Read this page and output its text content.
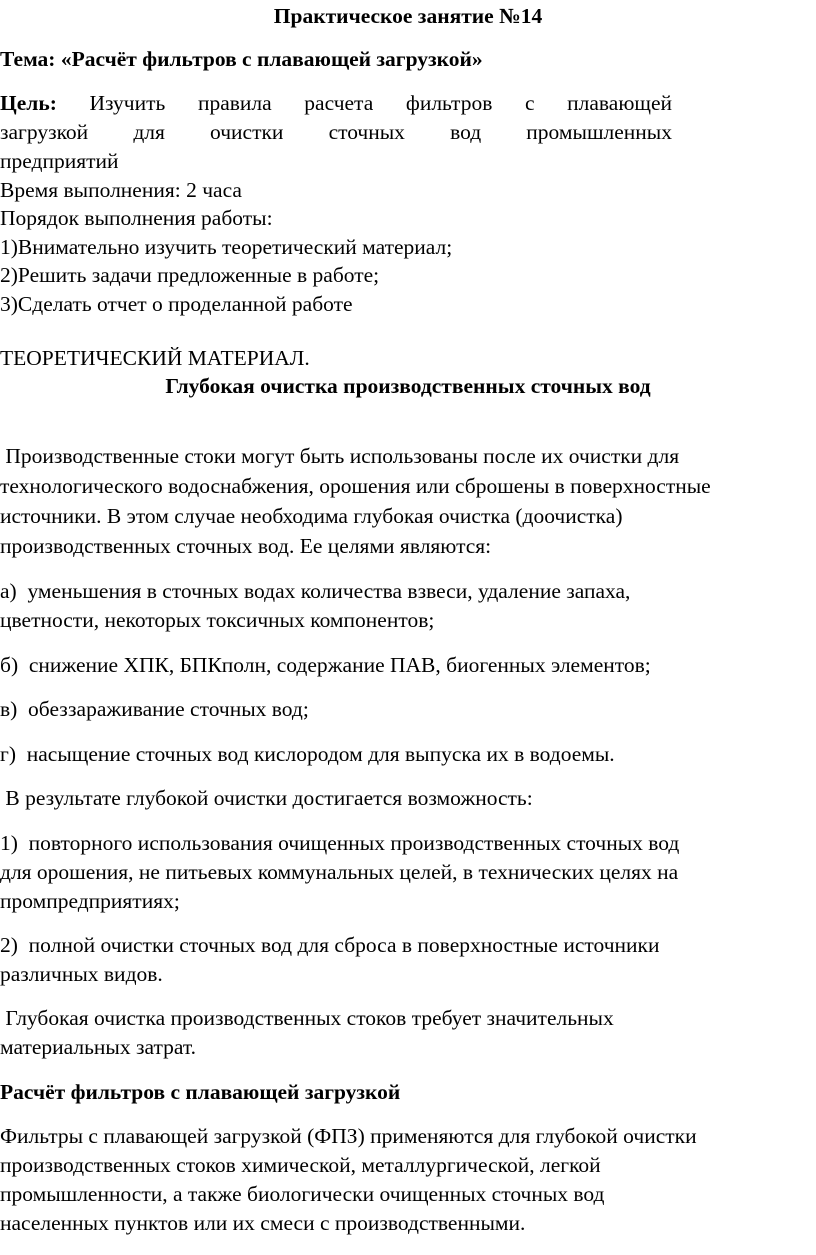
Практическое занятие №14
Тема: «Расчёт фильтров с плавающей загрузкой»
Цель: Изучить правила расчета фильтров с плавающей
загрузкой для очистки сточных вод промышленных
предприятий
Время выполнения: 2 часа
Порядок выполнения работы:
1)Внимательно изучить теоретический материал;
2)Решить задачи предложенные в работе;
3)Сделать отчет о проделанной работе
ТЕОРЕТИЧЕСКИЙ МАТЕРИАЛ.
Глубокая очистка производственных сточных вод
Производственные стоки могут быть использованы после их очистки для
технологического водоснабжения, орошения или сброшены в поверхностные
источники. В этом случае необходима глубокая очистка (доочистка)
производственных сточных вод. Ее целями являются:
а)  уменьшения в сточных водах количества взвеси, удаление запаха,
цветности, некоторых токсичных компонентов;
б)  снижение ХПК, БПКполн, содержание ПАВ, биогенных элементов;
в)  обеззараживание сточных вод;
г)  насыщение сточных вод кислородом для выпуска их в водоемы.
В результате глубокой очистки достигается возможность:
1)  повторного использования очищенных производственных сточных вод
для орошения, не питьевых коммунальных целей, в технических целях на
промпредприятиях;
2)  полной очистки сточных вод для сброса в поверхностные источники
различных видов.
Глубокая очистка производственных стоков требует значительных
материальных затрат.
Расчёт фильтров с плавающей загрузкой
Фильтры с плавающей загрузкой (ФПЗ) применяются для глубокой очистки
производственных стоков химической, металлургической, легкой
промышленности, а также биологически очищенных сточных вод
населенных пунктов или их смеси с производственными.
